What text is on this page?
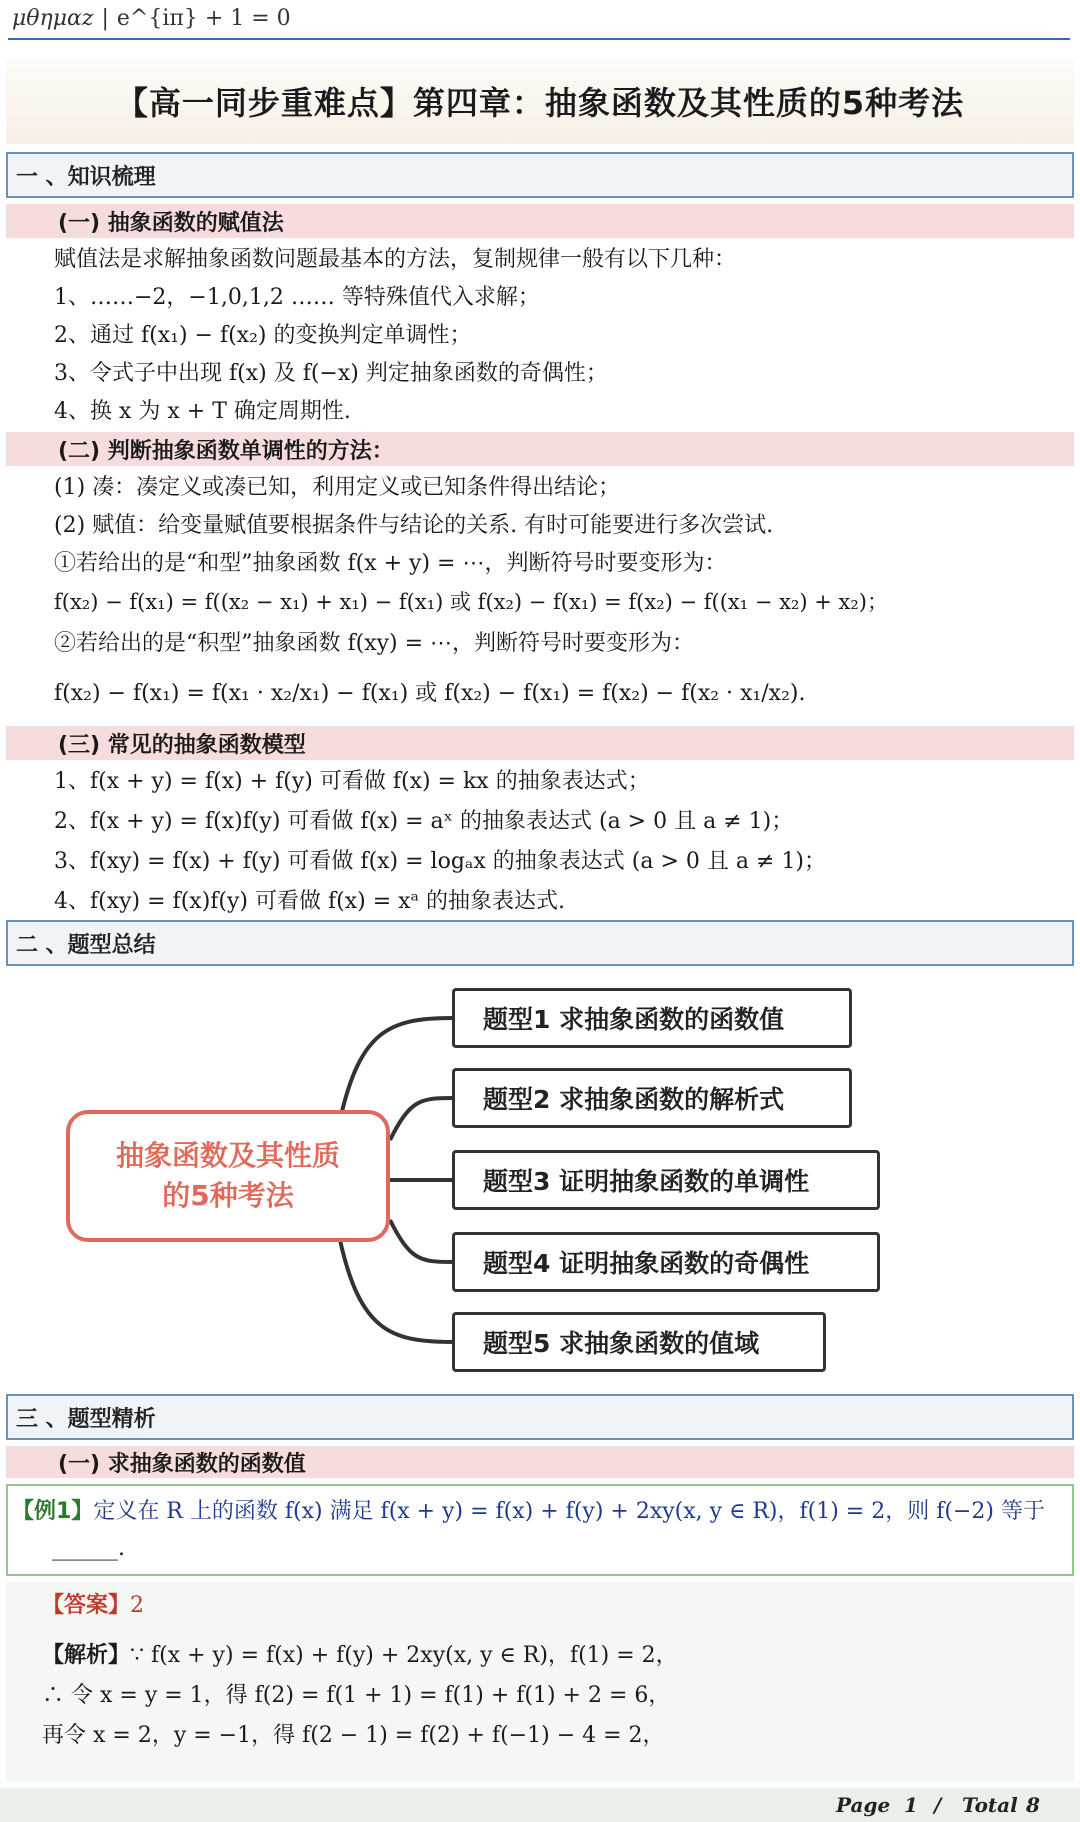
μθημαz | e^{iπ} + 1 = 0
【高一同步重难点】第四章：抽象函数及其性质的5种考法
一 、知识梳理
(一) 抽象函数的赋值法
赋值法是求解抽象函数问题最基本的方法，复制规律一般有以下几种：
1、……−2，−1,0,1,2 …… 等特殊值代入求解；
2、通过 f(x₁) − f(x₂) 的变换判定单调性；
3、令式子中出现 f(x) 及 f(−x) 判定抽象函数的奇偶性；
4、换 x 为 x + T 确定周期性.
(二) 判断抽象函数单调性的方法：
(1) 凑：凑定义或凑已知，利用定义或已知条件得出结论；
(2) 赋值：给变量赋值要根据条件与结论的关系. 有时可能要进行多次尝试.
①若给出的是“和型”抽象函数 f(x + y) = ⋯，判断符号时要变形为：
f(x₂) − f(x₁) = f((x₂ − x₁) + x₁) − f(x₁) 或 f(x₂) − f(x₁) = f(x₂) − f((x₁ − x₂) + x₂)；
②若给出的是“积型”抽象函数 f(xy) = ⋯，判断符号时要变形为：
f(x₂) − f(x₁) = f(x₁ · x₂/x₁) − f(x₁) 或 f(x₂) − f(x₁) = f(x₂) − f(x₂ · x₁/x₂).
(三) 常见的抽象函数模型
1、f(x + y) = f(x) + f(y) 可看做 f(x) = kx 的抽象表达式；
2、f(x + y) = f(x)f(y) 可看做 f(x) = aˣ 的抽象表达式 (a > 0 且 a ≠ 1)；
3、f(xy) = f(x) + f(y) 可看做 f(x) = logₐx 的抽象表达式 (a > 0 且 a ≠ 1)；
4、f(xy) = f(x)f(y) 可看做 f(x) = xᵃ 的抽象表达式.
二 、题型总结
抽象函数及其性质
的5种考法
题型1 求抽象函数的函数值
题型2 求抽象函数的解析式
题型3 证明抽象函数的单调性
题型4 证明抽象函数的奇偶性
题型5 求抽象函数的值域
三 、题型精析
(一) 求抽象函数的函数值
【例1】定义在 R 上的函数 f(x) 满足 f(x + y) = f(x) + f(y) + 2xy(x, y ∈ R)，f(1) = 2，则 f(−2) 等于
______.
【答案】2
【解析】∵ f(x + y) = f(x) + f(y) + 2xy(x, y ∈ R)，f(1) = 2，
∴ 令 x = y = 1，得 f(2) = f(1 + 1) = f(1) + f(1) + 2 = 6，
再令 x = 2，y = −1，得 f(2 − 1) = f(2) + f(−1) − 4 = 2，
Page 1 / Total 8
